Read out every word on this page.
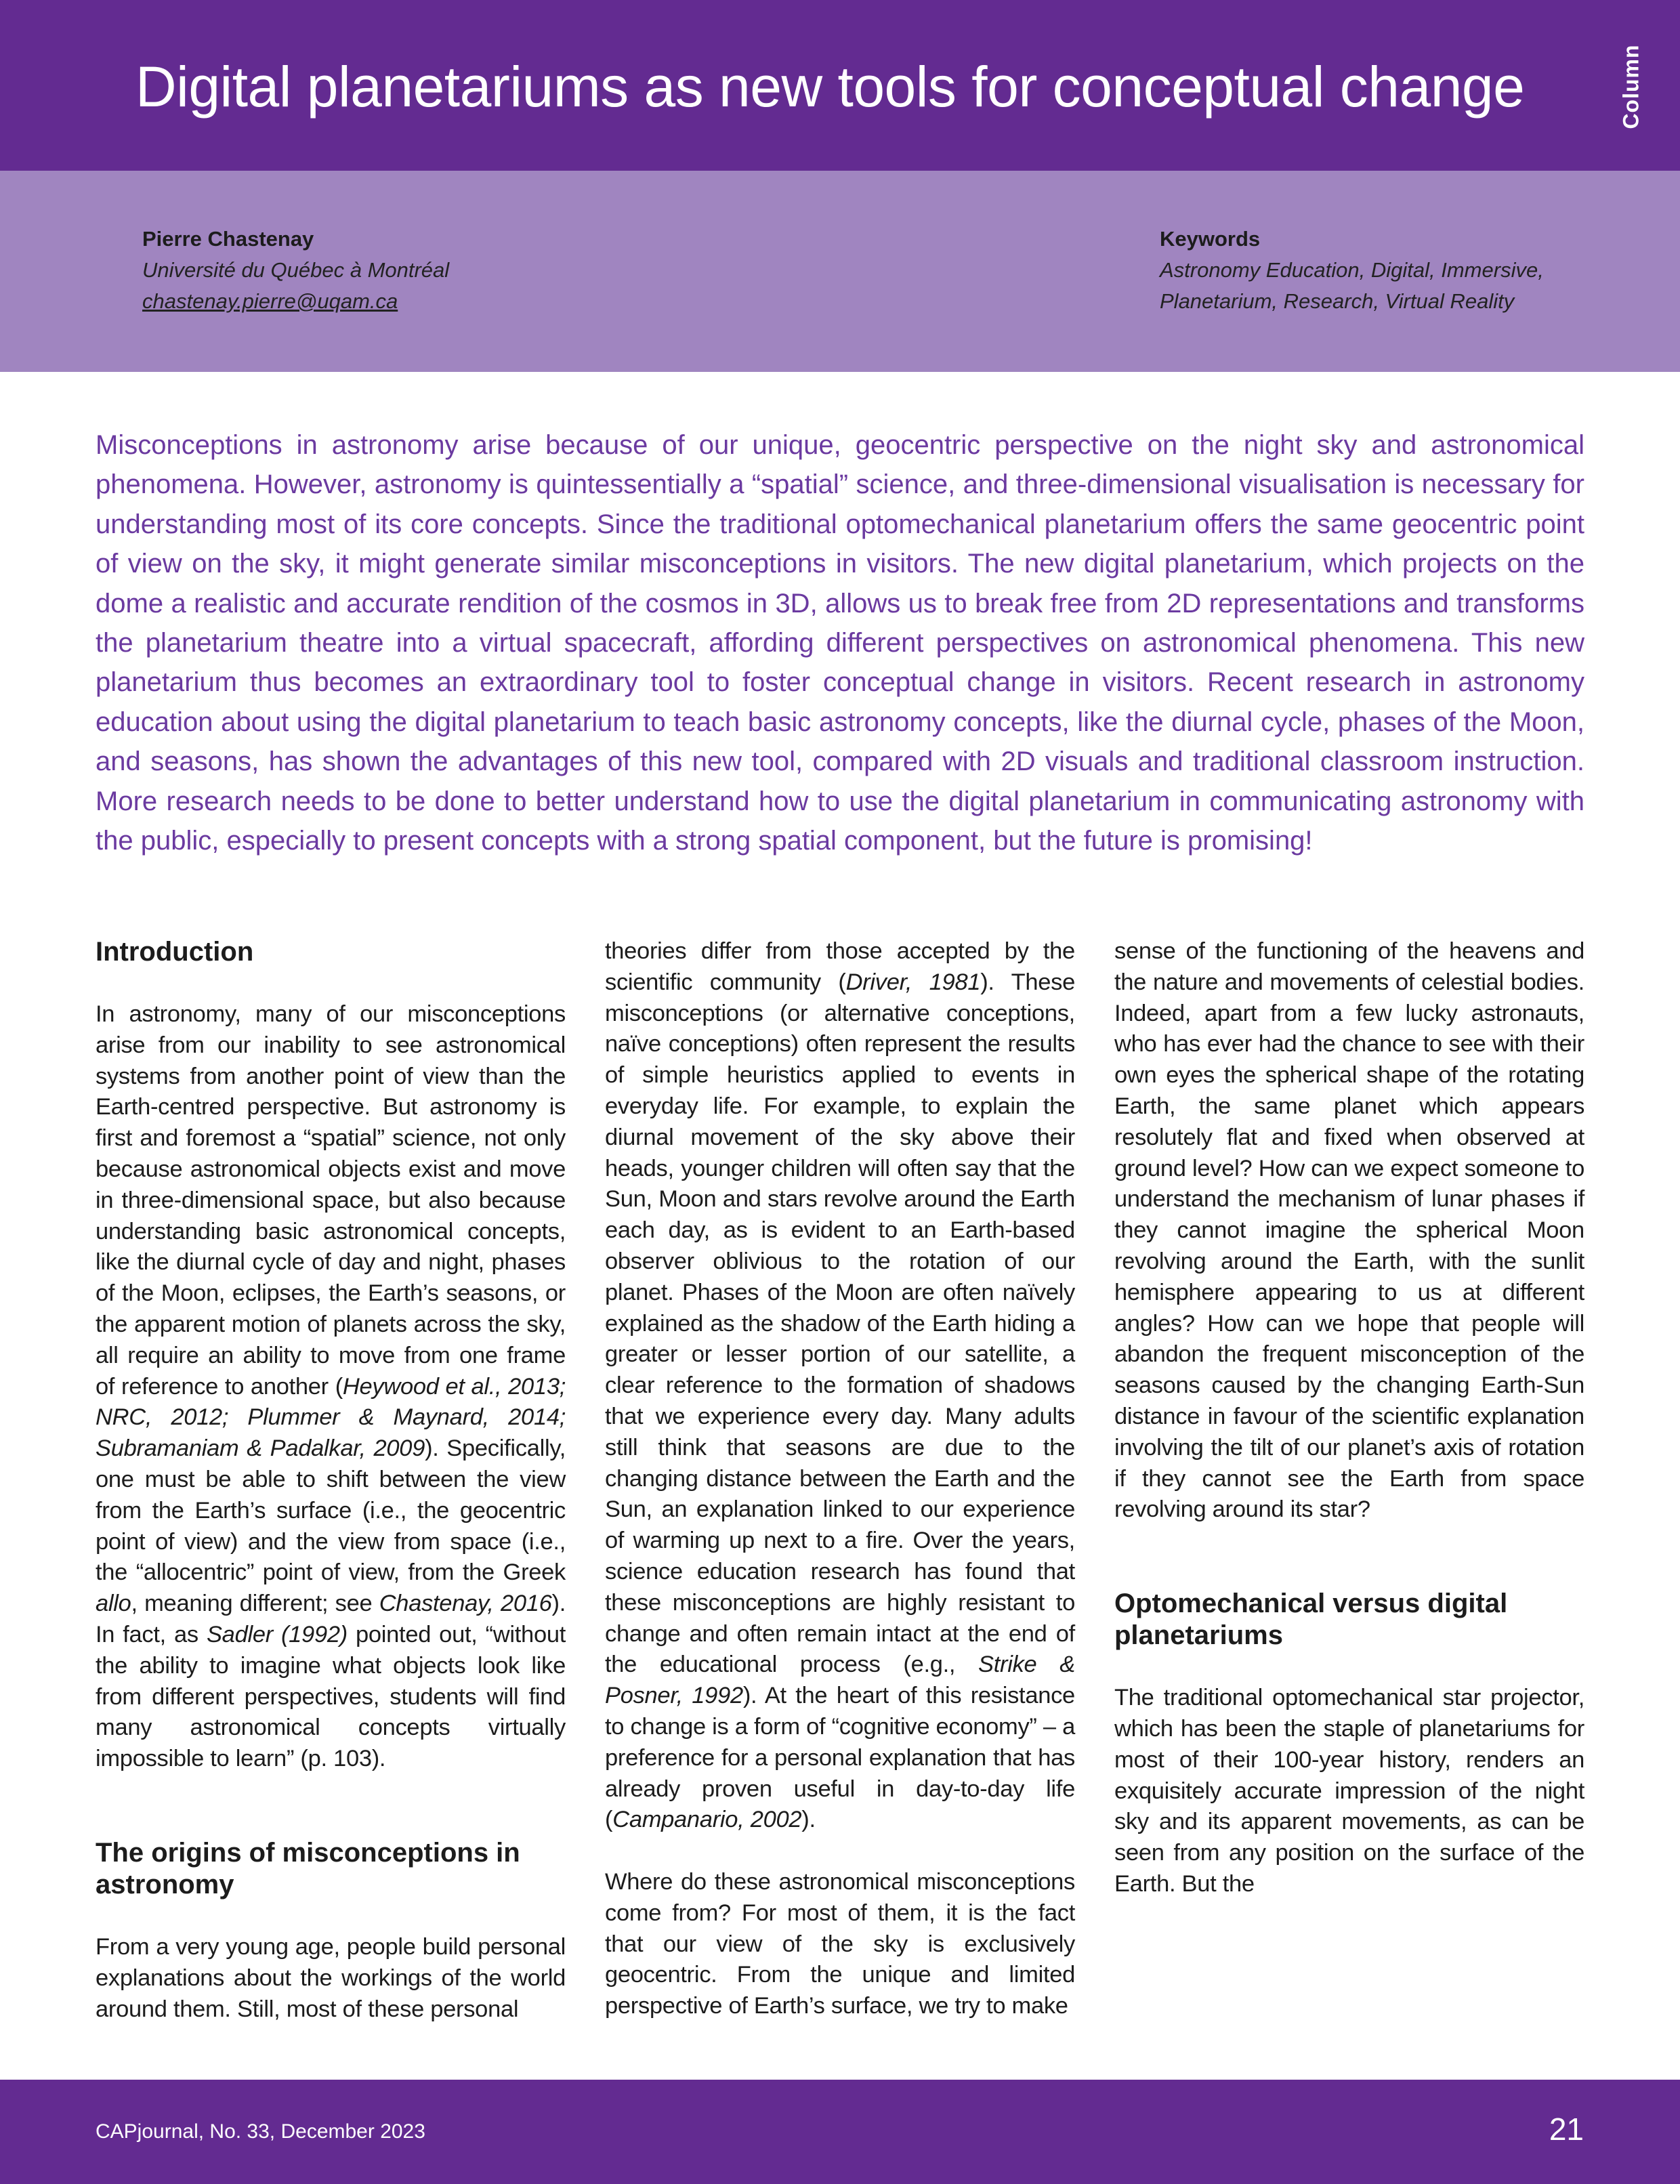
Digital planetariums as new tools for conceptual change	Column
Pierre Chastenay
Université du Québec à Montréal
chastenay.pierre@uqam.ca
Keywords
Astronomy Education, Digital, Immersive,
Planetarium, Research, Virtual Reality

Misconceptions in astronomy arise because of our unique, geocentric perspective on the night sky and astronomical phenomena. However, astronomy is quintessentially a “spatial” science, and three-dimensional visualisation is necessary for understanding most of its core concepts. Since the traditional optomechanical planetarium offers the same geocentric point of view on the sky, it might generate similar misconceptions in visitors. The new digital planetarium, which projects on the dome a realistic and accurate rendition of the cosmos in 3D, allows us to break free from 2D representations and transforms the planetarium theatre into a virtual spacecraft, affording different perspectives on astronomical phenomena. This new planetarium thus becomes an extraordinary tool to foster conceptual change in visitors. Recent research in astronomy education about using the digital planetarium to teach basic astronomy concepts, like the diurnal cycle, phases of the Moon, and seasons, has shown the advantages of this new tool, compared with 2D visuals and traditional classroom instruction. More research needs to be done to better understand how to use the digital planetarium in communicating astronomy with the public, especially to present concepts with a strong spatial component, but the future is promising!

Introduction

In astronomy, many of our misconceptions arise from our inability to see astronomical systems from another point of view than the Earth-centred perspective. But astronomy is first and foremost a “spatial” science, not only because astronomical objects exist and move in three-dimensional space, but also because understanding basic astronomical concepts, like the diurnal cycle of day and night, phases of the Moon, eclipses, the Earth’s seasons, or the apparent motion of planets across the sky, all require an ability to move from one frame of reference to another (Heywood et al., 2013; NRC, 2012; Plummer & Maynard, 2014; Subramaniam & Padalkar, 2009). Specifically, one must be able to shift between the view from the Earth’s surface (i.e., the geocentric point of view) and the view from space (i.e., the “allocentric” point of view, from the Greek allo, meaning different; see Chastenay, 2016). In fact, as Sadler (1992) pointed out, “without the ability to imagine what objects look like from different perspectives, students will find many astronomical concepts virtually impossible to learn” (p. 103).

The origins of misconceptions in astronomy

From a very young age, people build personal explanations about the workings of the world around them. Still, most of these personal

theories differ from those accepted by the scientific community (Driver, 1981). These misconceptions (or alternative conceptions, naïve conceptions) often represent the results of simple heuristics applied to events in everyday life. For example, to explain the diurnal movement of the sky above their heads, younger children will often say that the Sun, Moon and stars revolve around the Earth each day, as is evident to an Earth-based observer oblivious to the rotation of our planet. Phases of the Moon are often naïvely explained as the shadow of the Earth hiding a greater or lesser portion of our satellite, a clear reference to the formation of shadows that we experience every day. Many adults still think that seasons are due to the changing distance between the Earth and the Sun, an explanation linked to our experience of warming up next to a fire. Over the years, science education research has found that these misconceptions are highly resistant to change and often remain intact at the end of the educational process (e.g., Strike & Posner, 1992). At the heart of this resistance to change is a form of “cognitive economy” – a preference for a personal explanation that has already proven useful in day-to-day life (Campanario, 2002).
Where do these astronomical misconceptions come from? For most of them, it is the fact that our view of the sky is exclusively geocentric. From the unique and limited perspective of Earth’s surface, we try to make

sense of the functioning of the heavens and the nature and movements of celestial bodies. Indeed, apart from a few lucky astronauts, who has ever had the chance to see with their own eyes the spherical shape of the rotating Earth, the same planet which appears resolutely flat and fixed when observed at ground level? How can we expect someone to understand the mechanism of lunar phases if they cannot imagine the spherical Moon revolving around the Earth, with the sunlit hemisphere appearing to us at different angles? How can we hope that people will abandon the frequent misconception of the seasons caused by the changing Earth-Sun distance in favour of the scientific explanation involving the tilt of our planet’s axis of rotation if they cannot see the Earth from space revolving around its star?

Optomechanical versus digital planetariums

The traditional optomechanical star projector, which has been the staple of planetariums for most of their 100-year history, renders an exquisitely accurate impression of the night sky and its apparent movements, as can be seen from any position on the surface of the Earth. But the

CAPjournal, No. 33, December 2023	21
